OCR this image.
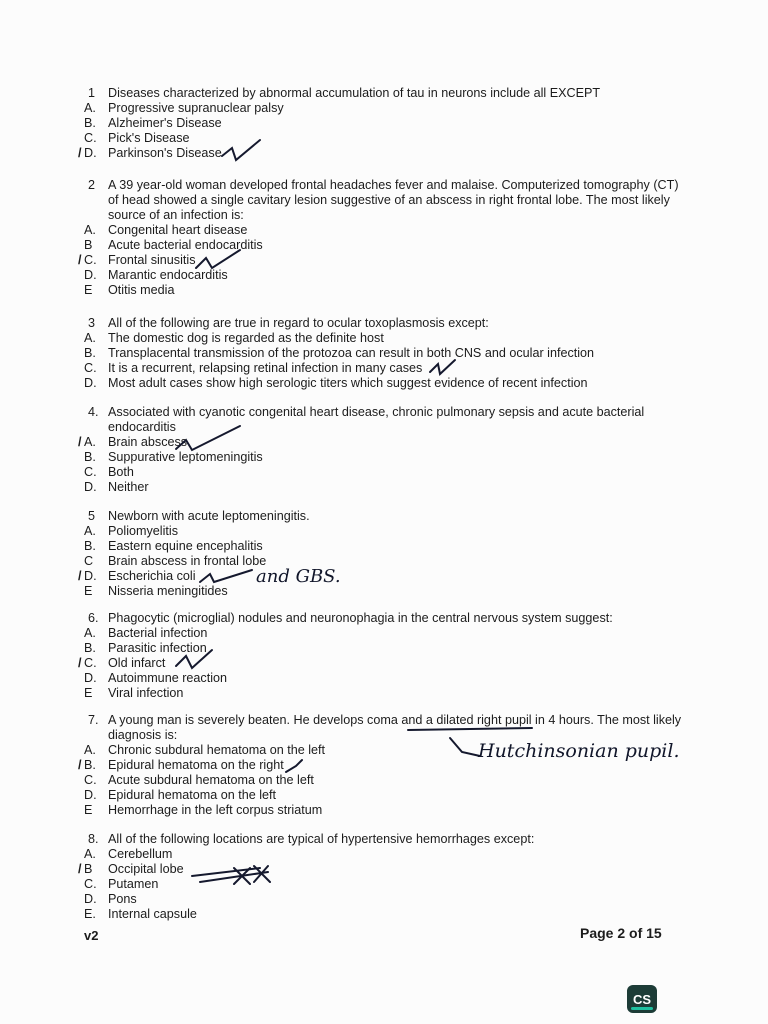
1	Diseases characterized by abnormal accumulation of tau in neurons include all EXCEPT
A. Progressive supranuclear palsy
B. Alzheimer's Disease
C. Pick's Disease
/ D. Parkinson's Disease
2	A 39 year-old woman developed frontal headaches fever and malaise. Computerized tomography (CT) of head showed a single cavitary lesion suggestive of an abscess in right frontal lobe. The most likely source of an infection is:
A. Congenital heart disease
B	Acute bacterial endocarditis
/ C. Frontal sinusitis
D. Marantic endocarditis
E	Otitis media
3	All of the following are true in regard to ocular toxoplasmosis except:
A. The domestic dog is regarded as the definite host
B. Transplacental transmission of the protozoa can result in both CNS and ocular infection
C. It is a recurrent, relapsing retinal infection in many cases
D. Most adult cases show high serologic titers which suggest evidence of recent infection
4. Associated with cyanotic congenital heart disease, chronic pulmonary sepsis and acute bacterial endocarditis
/ A. Brain abscess
B. Suppurative leptomeningitis
C. Both
D. Neither
5	Newborn with acute leptomeningitis.
A. Poliomyelitis
B. Eastern equine encephalitis
C	Brain abscess in frontal lobe
/ D. Escherichia coli
E	Nisseria meningitides
6. Phagocytic (microglial) nodules and neuronophagia in the central nervous system suggest:
A. Bacterial infection
B. Parasitic infection
/ C. Old infarct
D. Autoimmune reaction
E	Viral infection
7. A young man is severely beaten. He develops coma and a dilated right pupil in 4 hours. The most likely diagnosis is:
A. Chronic subdural hematoma on the left
/ B. Epidural hematoma on the right
C. Acute subdural hematoma on the left
D. Epidural hematoma on the left
E	Hemorrhage in the left corpus striatum
8. All of the following locations are typical of hypertensive hemorrhages except:
A. Cerebellum
/ B	Occipital lobe
C. Putamen
D. Pons
E. Internal capsule
and GBS.
Hutchinsonian pupil.
v2	Page 2 of 15
CS
